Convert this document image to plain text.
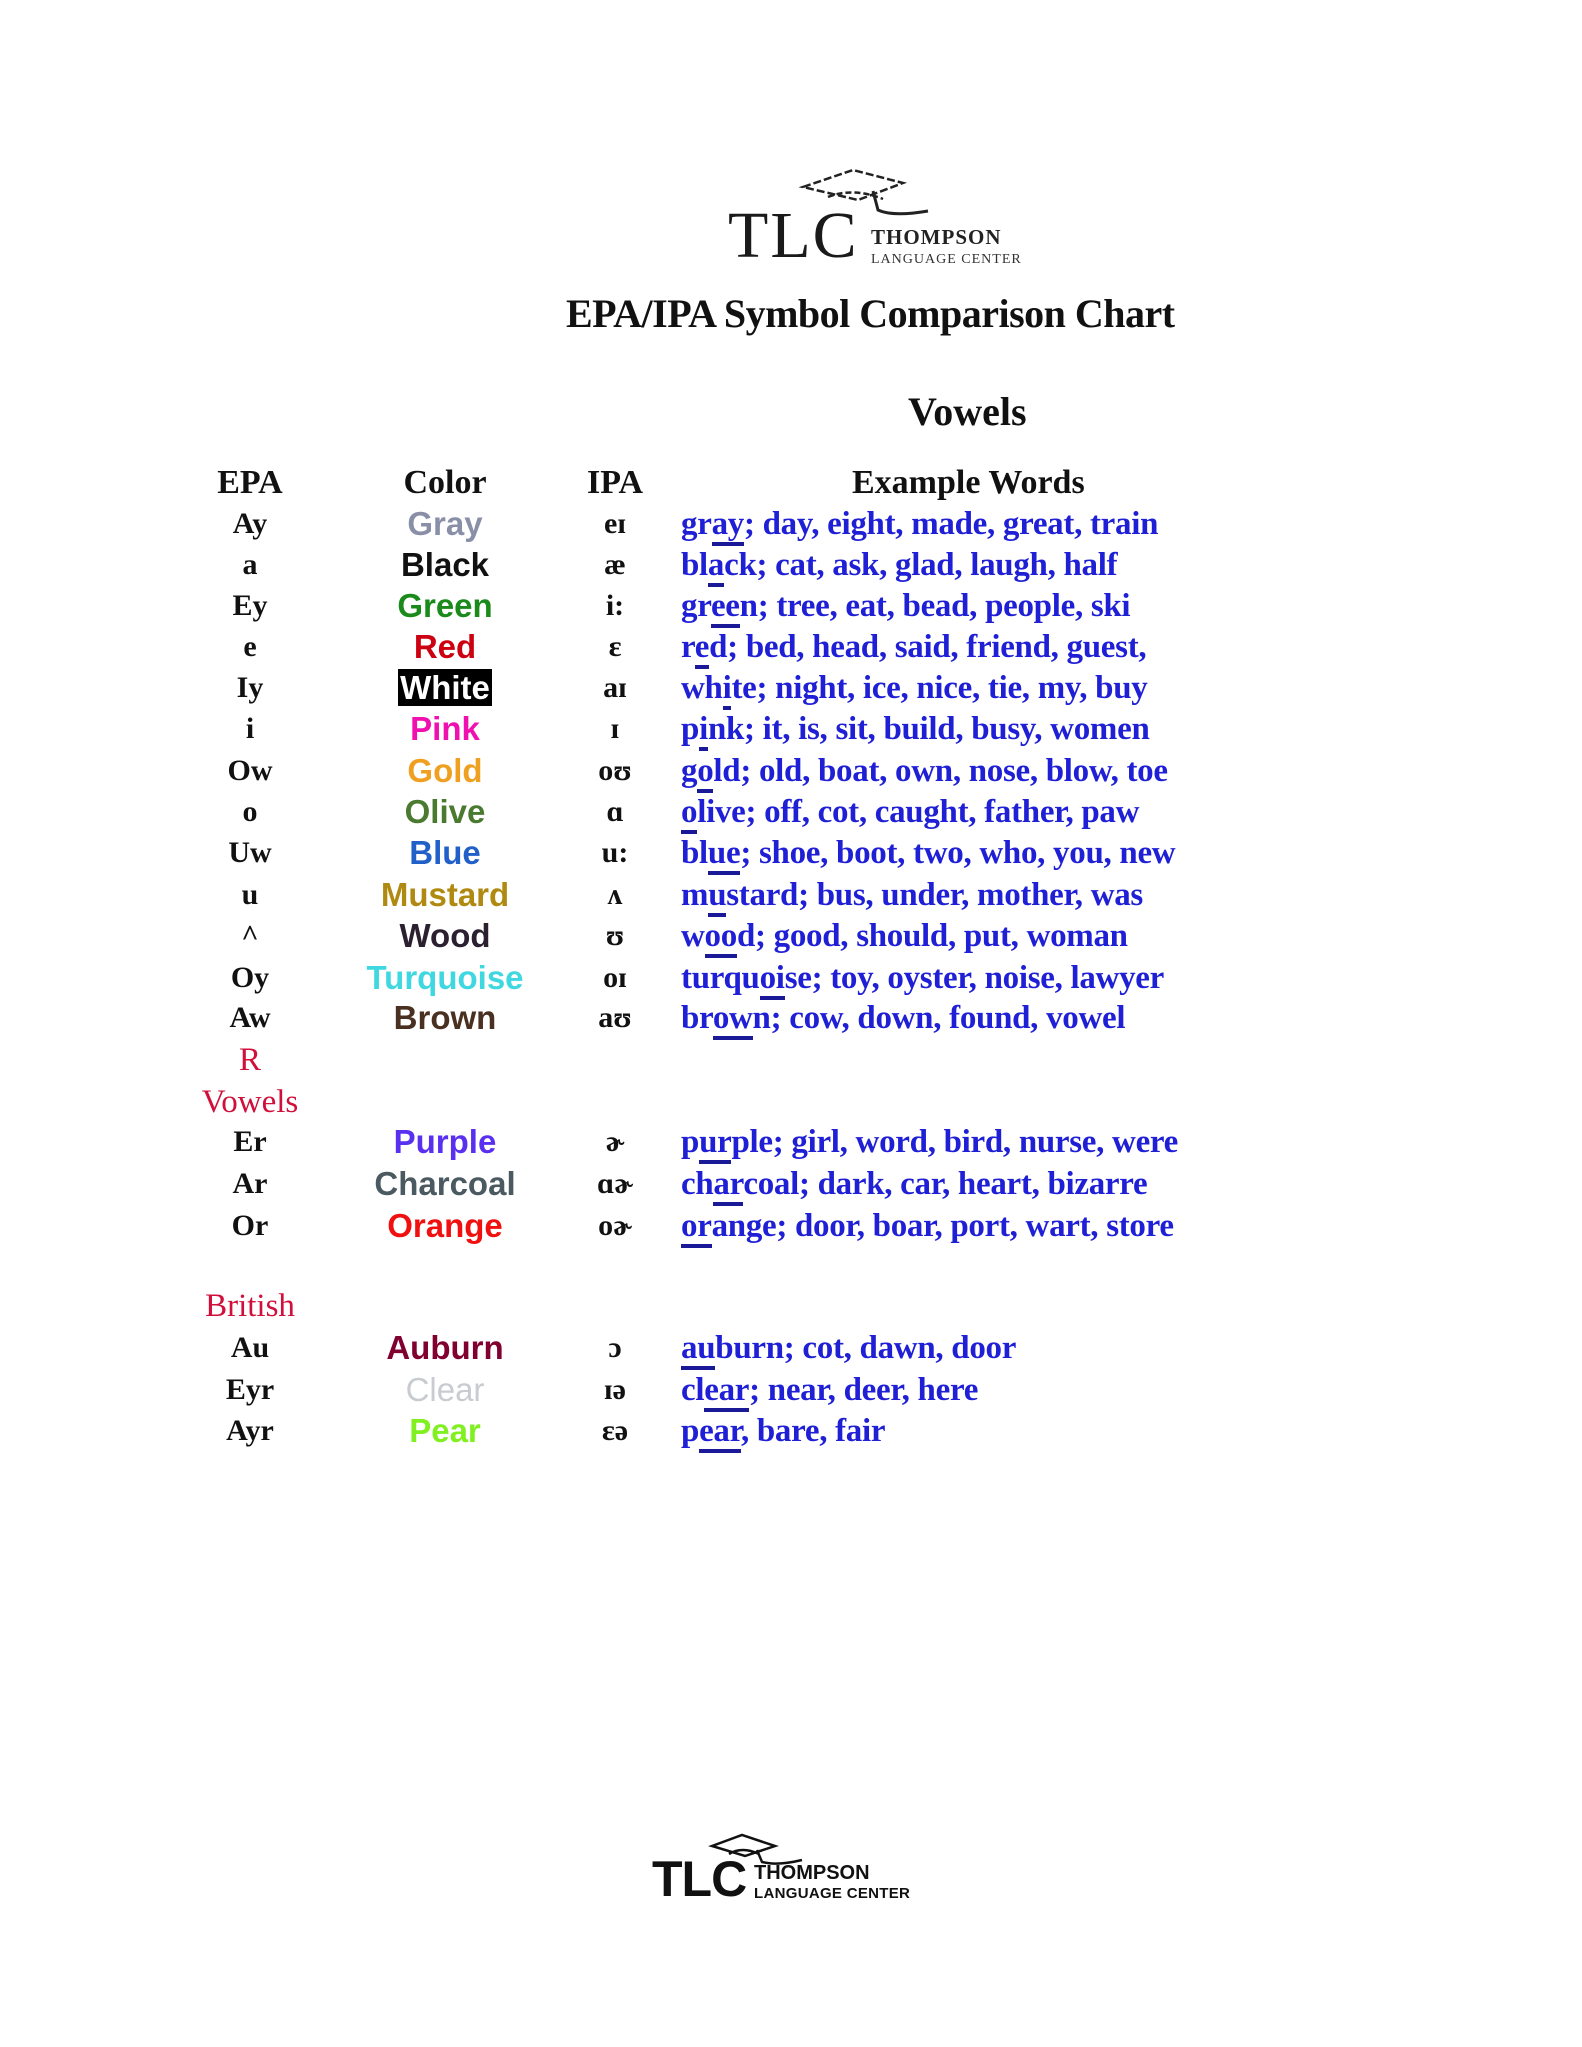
TLC THOMPSON
LANGUAGE CENTER
EPA/IPA Symbol Comparison Chart
Vowels
EPA	Color	IPA	Example Words
Ay	Gray	eɪ	gray; day, eight, made, great, train
a	Black	æ	black; cat, ask, glad, laugh, half
Ey	Green	i:	green; tree, eat, bead, people, ski
e	Red	ɛ	red; bed, head, said, friend, guest,
Iy	White	aɪ	white; night, ice, nice, tie, my, buy
i	Pink	ɪ	pink; it, is, sit, build, busy, women
Ow	Gold	oʊ	gold; old, boat, own, nose, blow, toe
o	Olive	ɑ	olive; off, cot, caught, father, paw
Uw	Blue	u:	blue; shoe, boot, two, who, you, new
u	Mustard	ʌ	mustard; bus, under, mother, was
^	Wood	ʊ	wood; good, should, put, woman
Oy	Turquoise	oɪ	turquoise; toy, oyster, noise, lawyer
Aw	Brown	aʊ	brown; cow, down, found, vowel
R
Vowels
Er	Purple	ɚ	purple; girl, word, bird, nurse, were
Ar	Charcoal	ɑɚ	charcoal; dark, car, heart, bizarre
Or	Orange	oɚ	orange; door, boar, port, wart, store
British
Au	Auburn	ɔ	auburn; cot, dawn, door
Eyr	Clear	ɪə	clear; near, deer, here
Ayr	Pear	ɛə	pear, bare, fair
TLC THOMPSON
LANGUAGE CENTER
